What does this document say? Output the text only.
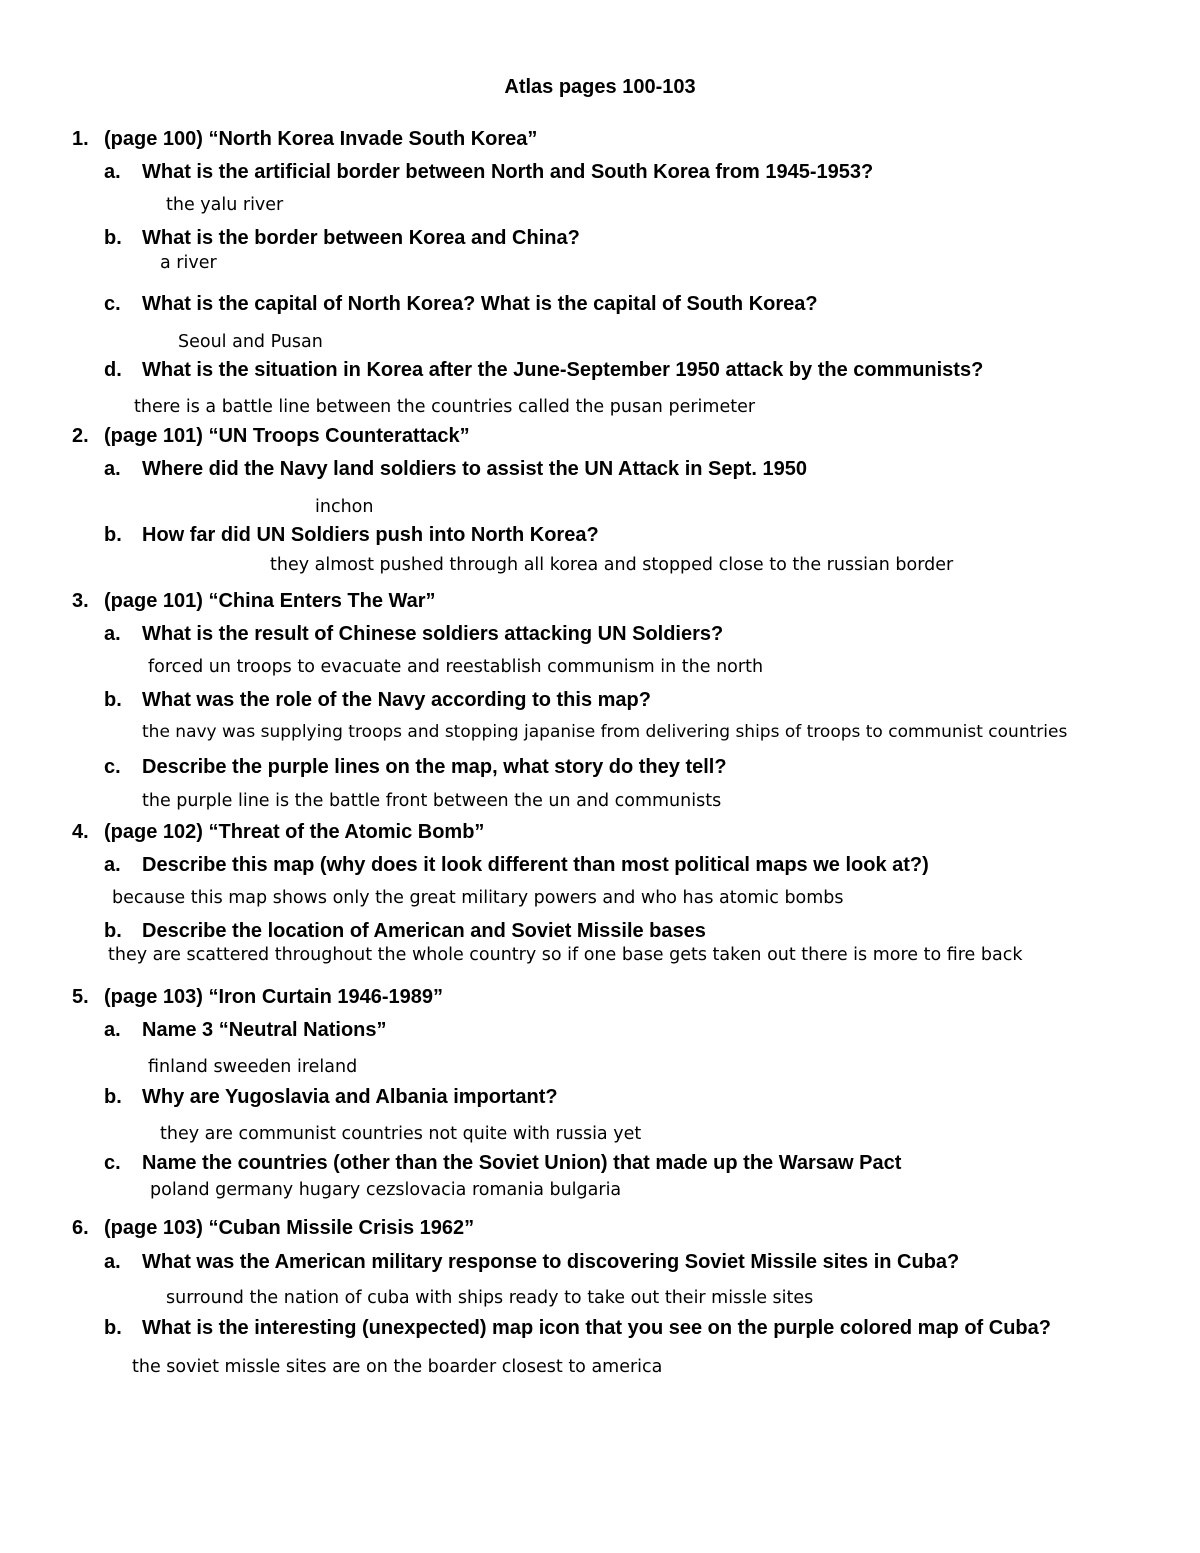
Atlas pages 100-103
1. (page 100) “North Korea Invade South Korea”
a. What is the artificial border between North and South Korea from 1945-1953?
the yalu river
b. What is the border between Korea and China?
a river
c. What is the capital of North Korea? What is the capital of South Korea?
Seoul and Pusan
d. What is the situation in Korea after the June-September 1950 attack by the communists?
there is a battle line between the countries called the pusan perimeter
2. (page 101) “UN Troops Counterattack”
a. Where did the Navy land soldiers to assist the UN Attack in Sept. 1950
inchon
b. How far did UN Soldiers push into North Korea?
they almost pushed through all korea and stopped close to the russian border
3. (page 101) “China Enters The War”
a. What is the result of Chinese soldiers attacking UN Soldiers?
forced un troops to evacuate and reestablish communism in the north
b. What was the role of the Navy according to this map?
the navy was supplying troops and stopping japanise from delivering ships of troops to communist countries
c. Describe the purple lines on the map, what story do they tell?
the purple line is the battle front between the un and communists
4. (page 102) “Threat of the Atomic Bomb”
a. Describe this map (why does it look different than most political maps we look at?)
because this map shows only the great military powers and who has atomic bombs
b. Describe the location of American and Soviet Missile bases
they are scattered throughout the whole country so if one base gets taken out there is more to fire back
5. (page 103) “Iron Curtain 1946-1989”
a. Name 3 “Neutral Nations”
finland sweeden ireland
b. Why are Yugoslavia and Albania important?
they are communist countries not quite with russia yet
c. Name the countries (other than the Soviet Union) that made up the Warsaw Pact
poland germany hugary cezslovacia romania bulgaria
6. (page 103) “Cuban Missile Crisis 1962”
a. What was the American military response to discovering Soviet Missile sites in Cuba?
surround the nation of cuba with ships ready to take out their missle sites
b. What is the interesting (unexpected) map icon that you see on the purple colored map of Cuba?
the soviet missle sites are on the boarder closest to america
